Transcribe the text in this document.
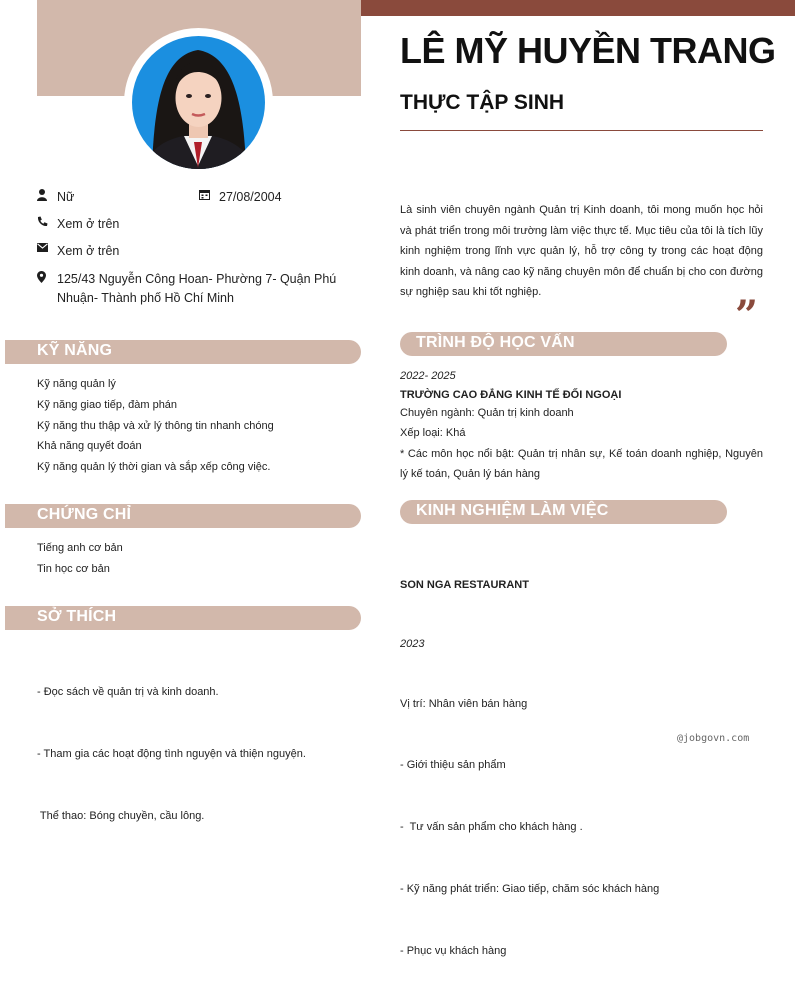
Nữ	27/08/2004
Xem ở trên
Xem ở trên
125/43 Nguyễn Công Hoan- Phường 7- Quận Phú Nhuận- Thành phố Hồ Chí Minh
KỸ NĂNG
Kỹ năng quản lý
Kỹ năng giao tiếp, đàm phán
Kỹ năng thu thập và xử lý thông tin nhanh chóng
Khả năng quyết đoán
Kỹ năng quản lý thời gian và sắp xếp công việc.
CHỨNG CHỈ
Tiếng anh cơ bản
Tin học cơ bản
SỞ THÍCH

- Đọc sách về quản trị và kinh doanh.

- Tham gia các hoạt động tình nguyện và thiện nguyện.

Thể thao: Bóng chuyền, cầu lông.

LÊ MỸ HUYỀN TRANG
THỰC TẬP SINH
Là sinh viên chuyên ngành Quản trị Kinh doanh, tôi mong muốn học hỏi và phát triển trong môi trường làm việc thực tế. Mục tiêu của tôi là tích lũy kinh nghiệm trong lĩnh vực quản lý, hỗ trợ công ty trong các hoạt động kinh doanh, và nâng cao kỹ năng chuyên môn để chuẩn bị cho con đường sự nghiệp sau khi tốt nghiệp.	”
TRÌNH ĐỘ HỌC VẤN
2022- 2025
TRƯỜNG CAO ĐẲNG KINH TẾ ĐỐI NGOẠI
Chuyên ngành: Quản trị kinh doanh
Xếp loại: Khá
* Các môn học nổi bật: Quản trị nhân sự, Kế toán doanh nghiệp, Nguyên lý kế toán, Quản lý bán hàng
KINH NGHIỆM LÀM VIỆC

SON NGA RESTAURANT

2023

Vị trí: Nhân viên bán hàng

- Giới thiệu sản phẩm

-  Tư vấn sản phẩm cho khách hàng .

- Kỹ năng phát triển: Giao tiếp, chăm sóc khách hàng

- Phục vụ khách hàng

@jobgovn.com
